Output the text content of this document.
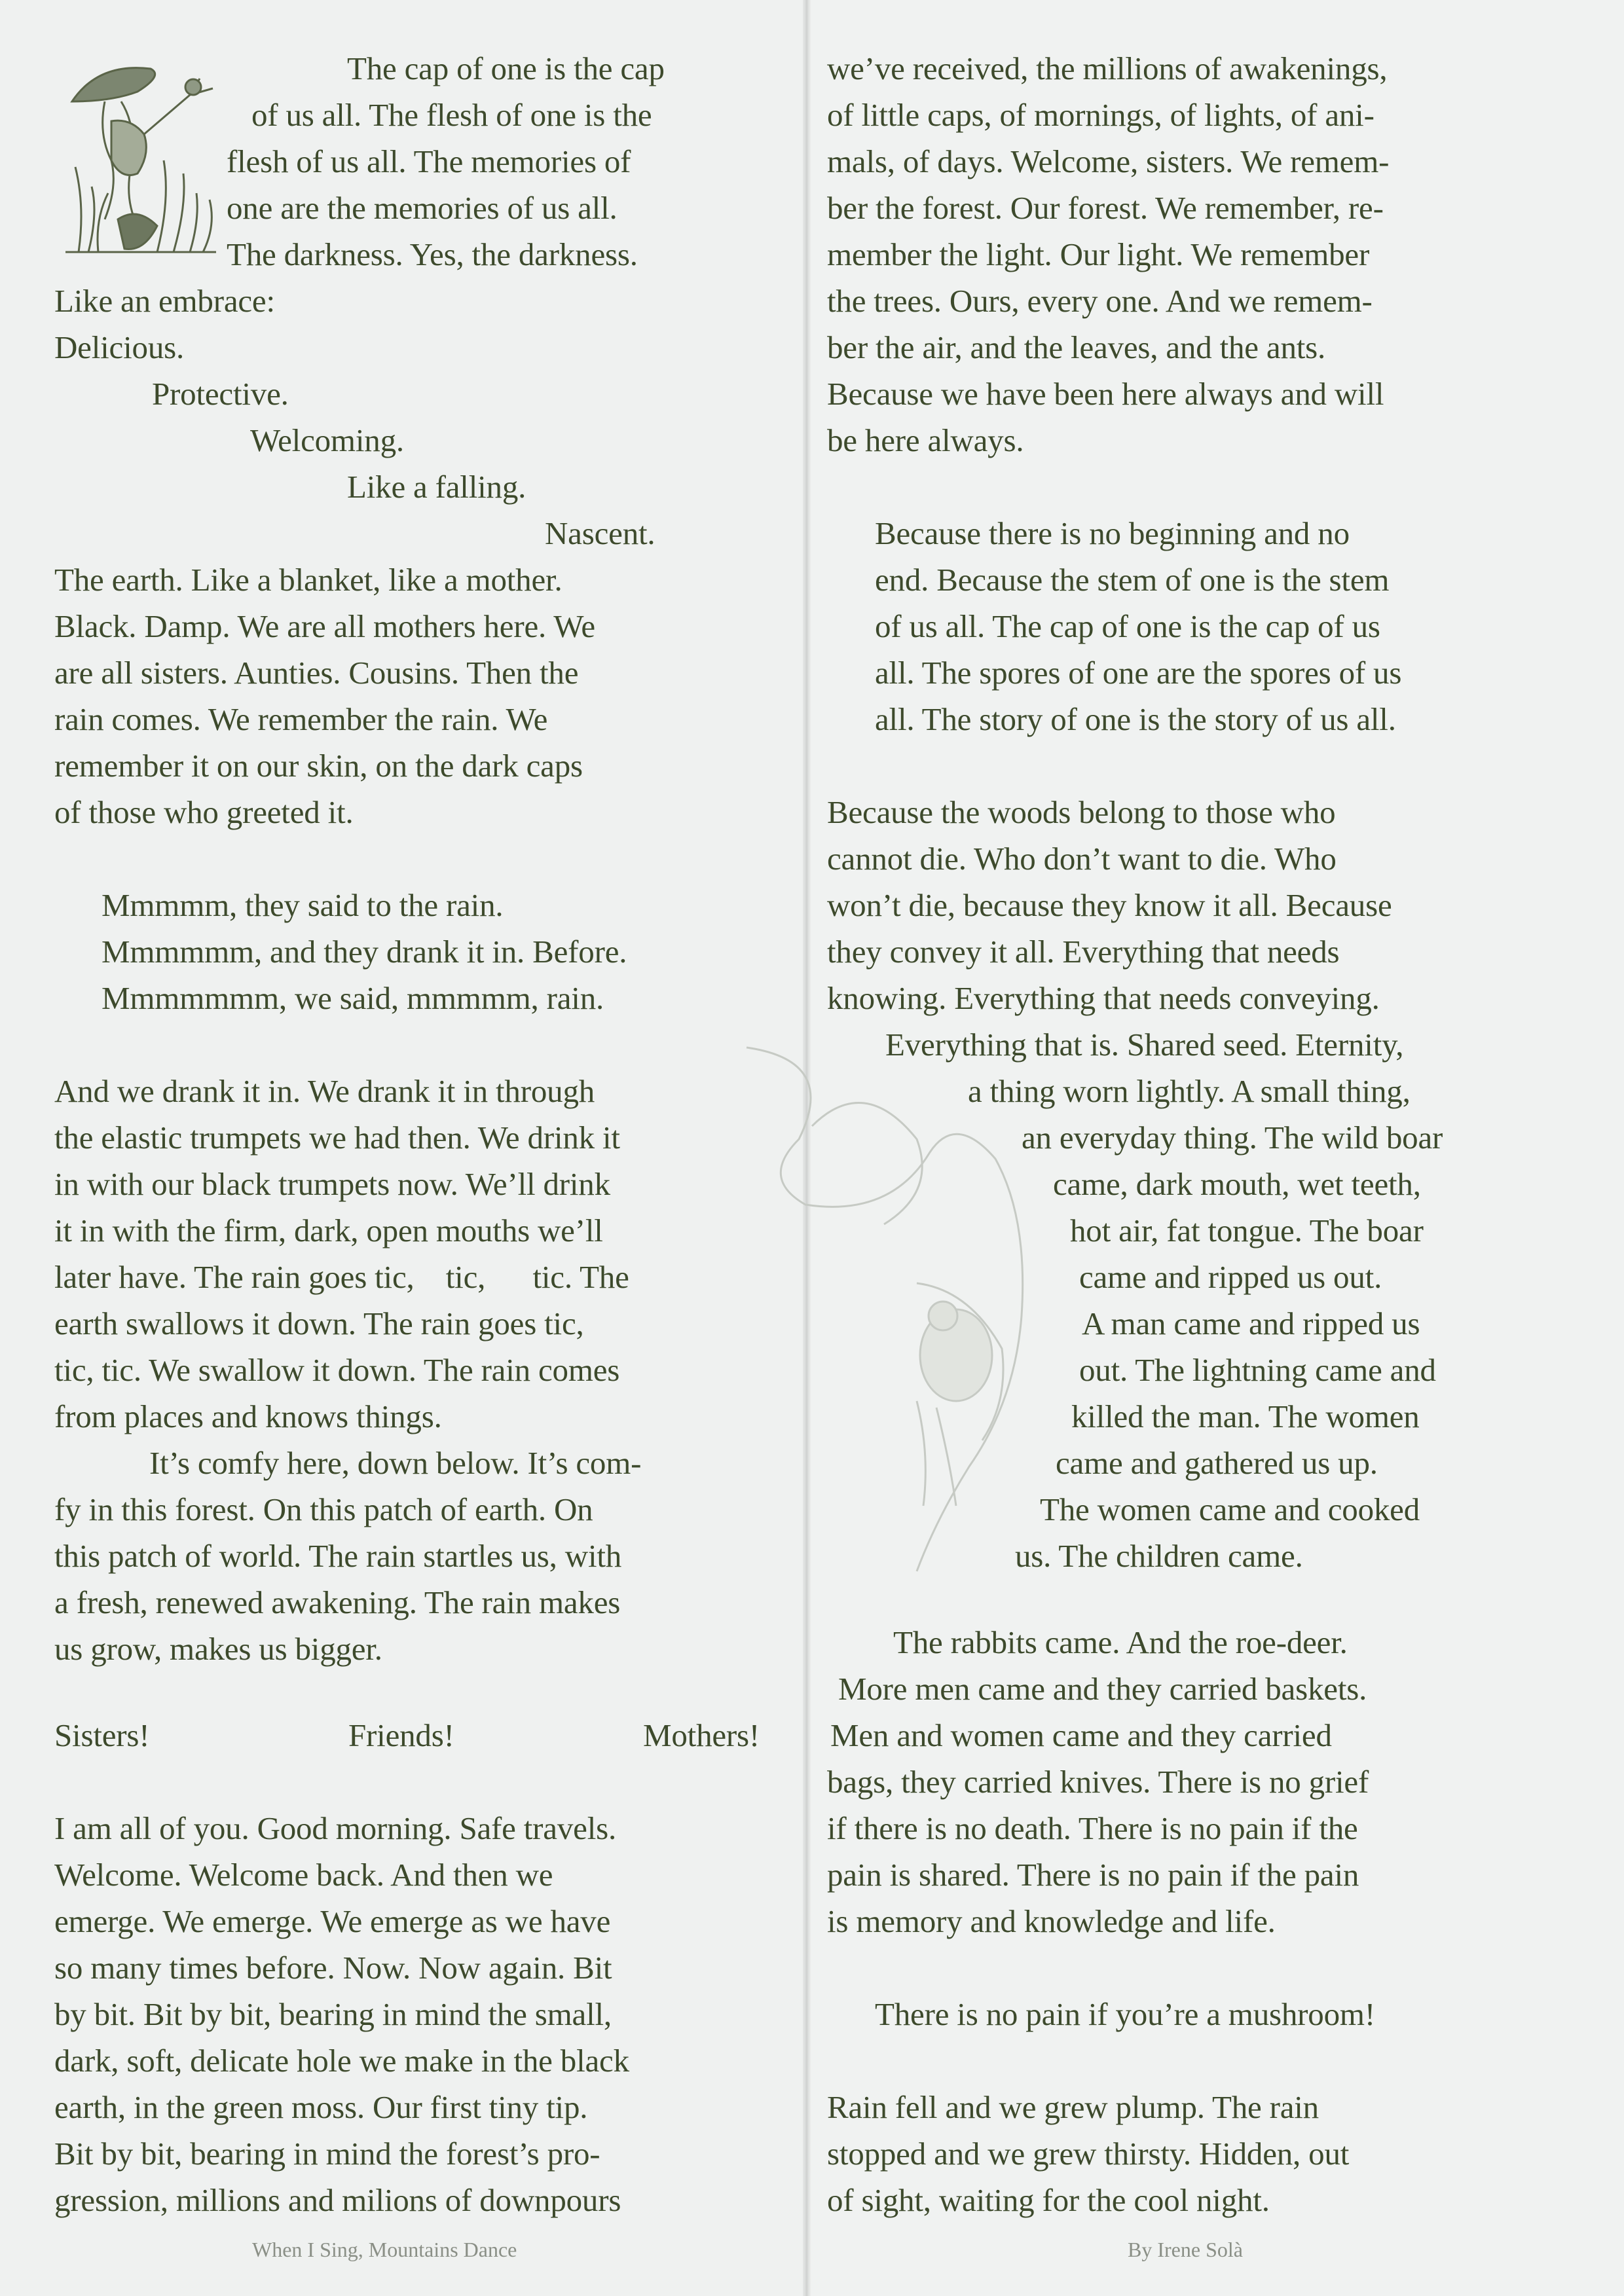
The cap of one is the cap

of us all. The flesh of one is the

flesh of us all. The memories of

one are the memories of us all.

The darkness. Yes, the darkness.

Like an embrace:

Delicious.

Protective.

Welcoming.

Like a falling.

Nascent.

The earth. Like a blanket, like a mother.

Black. Damp. We are all mothers here. We

are all sisters. Aunties. Cousins. Then the

rain comes. We remember the rain. We

remember it on our skin, on the dark caps

of those who greeted it.

Mmmmm, they said to the rain.

Mmmmmm, and they drank it in. Before.

Mmmmmmm, we said, mmmmm, rain.

And we drank it in. We drank it in through

the elastic trumpets we had then. We drink it

in with our black trumpets now. We’ll drink

it in with the firm, dark, open mouths we’ll

later have. The rain goes tic,    tic,      tic. The

earth swallows it down. The rain goes tic,

tic, tic. We swallow it down. The rain comes

from places and knows things.

It’s comfy here, down below. It’s com-

fy in this forest. On this patch of earth. On

this patch of world. The rain startles us, with

a fresh, renewed awakening. The rain makes

us grow, makes us bigger.

Sisters!	Friends!	Mothers!

I am all of you. Good morning. Safe travels.

Welcome. Welcome back. And then we

emerge. We emerge. We emerge as we have

so many times before. Now. Now again. Bit

by bit. Bit by bit, bearing in mind the small,

dark, soft, delicate hole we make in the black

earth, in the green moss. Our first tiny tip.

Bit by bit, bearing in mind the forest’s pro-

gression, millions and milions of downpours

When I Sing, Mountains Dance

we’ve received, the millions of awakenings,

of little caps, of mornings, of lights, of ani-

mals, of days. Welcome, sisters. We remem-

ber the forest. Our forest. We remember, re-

member the light. Our light. We remember

the trees. Ours, every one. And we remem-

ber the air, and the leaves, and the ants.

Because we have been here always and will

be here always.

Because there is no beginning and no

end. Because the stem of one is the stem

of us all. The cap of one is the cap of us

all. The spores of one are the spores of us

all. The story of one is the story of us all.

Because the woods belong to those who

cannot die. Who don’t want to die. Who

won’t die, because they know it all. Because

they convey it all. Everything that needs

knowing. Everything that needs conveying.

Everything that is. Shared seed. Eternity,

a thing worn lightly. A small thing,

an everyday thing. The wild boar

came, dark mouth, wet teeth,

hot air, fat tongue. The boar

came and ripped us out.

A man came and ripped us

out. The lightning came and

killed the man. The women

came and gathered us up.

The women came and cooked

us. The children came.

The rabbits came. And the roe-deer.

More men came and they carried baskets.

Men and women came and they carried

bags, they carried knives. There is no grief

if there is no death. There is no pain if the

pain is shared. There is no pain if the pain

is memory and knowledge and life.

There is no pain if you’re a mushroom!

Rain fell and we grew plump. The rain

stopped and we grew thirsty. Hidden, out

of sight, waiting for the cool night.

By Irene Solà
